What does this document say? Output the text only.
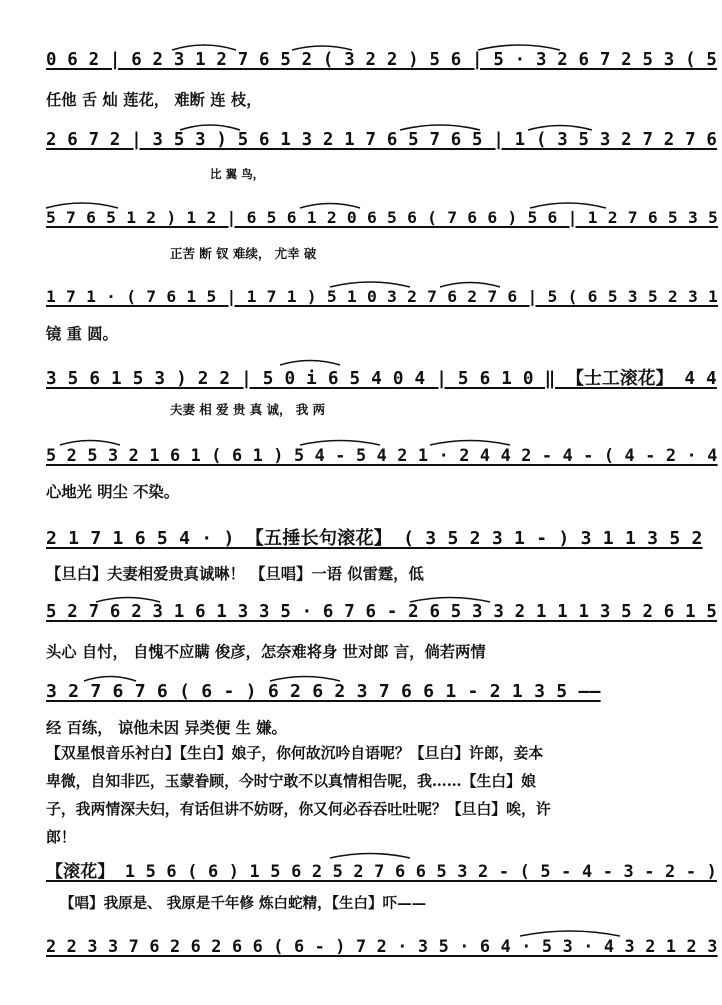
0 6 2 | 6 2 3 1 2 7 6 5 2 ( 3 2 2 ) 5 6 | 5 · 3 2 6 7 2 5 3 ( 5
任他 舌 灿 莲花， 难断 连 枝，
2 6 7 2 | 3 5 3 ) 5 6 1 3 2 1 7 6 5 7 6 5 | 1 ( 3 5 3 2 7 2 7 6
比 翼 鸟，
5 7 6 5 1 2 ) 1 2 | 6 5 6 1 2 0 6 5 6 ( 7 6 6 ) 5 6 | 1 2 7 6 5 3 5
正苦 断 钗 难续， 尤幸 破
1 7 1 · ( 7 6 1 5 | 1 7 1 ) 5 1 0 3 2 7 6 2 7 6 | 5 ( 6 5 3 5 2 3 1
镜 重 圆。
3 5 6 1 5 3 ) 2 2 | 5 0 i 6 5 4 0 4 | 5 6 1 0 ‖ 【士工滚花】 4 4
夫妻 相 爱 贵 真 诚， 我 两
5 2 5 3 2 1 6 1 ( 6 1 ) 5 4 - 5 4 2 1 · 2 4 4 2 - 4 - ( 4 - 2 · 4
心地光 明尘 不染。
2 1 7 1 6 5 4 · ) 【五捶长句滚花】 ( 3 5 2 3 1 - ) 3 1 1 3 5 2
【旦白】夫妻相爱贵真诚啉！ 【旦唱】一语 似雷霆，低
5 2 7 6 2 3 1 6 1 3 3 5 · 6 7 6 - 2 6 5 3 3 2 1 1 1 3 5 2 6 1 5
头心 自忖， 自愧不应瞒 俊彦，怎奈难将身 世对郎 言，倘若两情
3 2 7 6 7 6 ( 6 - ) 6 2 6 2 3 7 6 6 1 - 2 1 3 5 ——
经 百练， 谅他未因 异类便 生 嫌。
【双星恨音乐衬白】【生白】娘子，你何故沉吟自语呢？【旦白】许郎，妾本
卑微，自知非匹，玉蒙眷顾，今时宁敢不以真情相告呢，我……【生白】娘
子，我两情深夫妇，有话但讲不妨呀，你又何必吞吞吐吐呢？【旦白】唉，许
郎！
【滚花】 1 5 6 ( 6 ) 1 5 6 2 5 2 7 6 6 5 3 2 - ( 5 - 4 - 3 - 2 - )
【唱】我原是、 我原是千年修 炼白蛇精，【生白】吓——
2 2 3 3 7 6 2 6 2 6 6 ( 6 - ) 7 2 · 3 5 · 6 4 · 5 3 · 4 3 2 1 2 3
